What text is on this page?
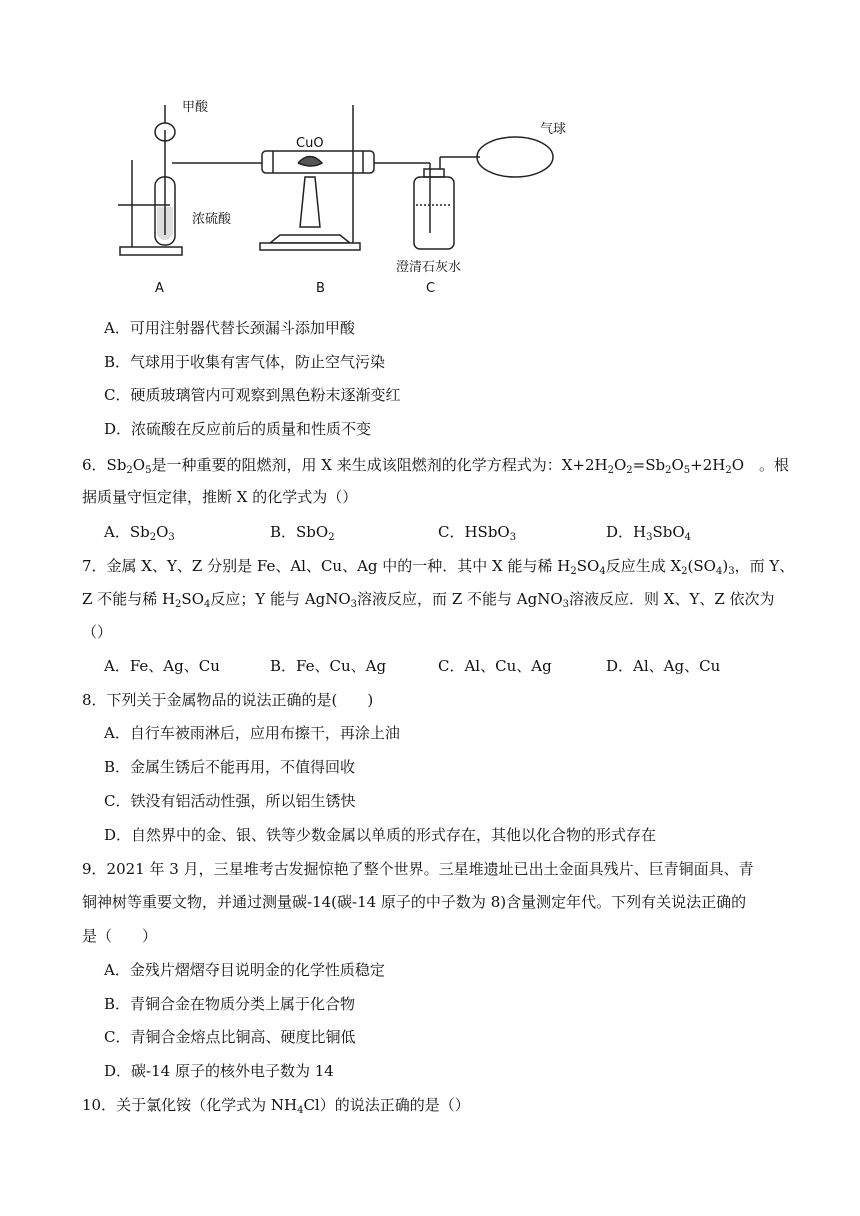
甲酸
浓硫酸
A
CuO
B
气球
澄清石灰水
C
A．可用注射器代替长颈漏斗添加甲酸
B．气球用于收集有害气体，防止空气污染
C．硬质玻璃管内可观察到黑色粉末逐渐变红
D．浓硫酸在反应前后的质量和性质不变
6．$Sb_2O_5$是一种重要的阻燃剂，用 X 来生成该阻燃剂的化学方程式为：$X+2H_2O_2=Sb_2O_5+2H_2O$　。根
据质量守恒定律，推断 X 的化学式为（）
A．$Sb_2O_3$	B．SbO$_2$	C．HSbO$_3$	D．$H_3SbO_4$
7．金属 X、Y、Z 分别是 Fe、Al、Cu、Ag 中的一种．其中 X 能与稀 $H_2SO_4$反应生成 $X_2(SO_4)_3$，而 Y、
Z 不能与稀 $H_2SO_4$反应；Y 能与 AgNO$_3$溶液反应，而 Z 不能与 AgNO$_3$溶液反应．则 X、Y、Z 依次为
（）
A．Fe、Ag、Cu	B．Fe、Cu、Ag	C．Al、Cu、Ag	D．Al、Ag、Cu
8．下列关于金属物品的说法正确的是(　　)
A．自行车被雨淋后，应用布擦干，再涂上油
B．金属生锈后不能再用，不值得回收
C．铁没有铝活动性强，所以铝生锈快
D．自然界中的金、银、铁等少数金属以单质的形式存在，其他以化合物的形式存在
9．2021 年 3 月，三星堆考古发掘惊艳了整个世界。三星堆遗址已出土金面具残片、巨青铜面具、青
铜神树等重要文物，并通过测量碳-14(碳-14 原子的中子数为 8)含量测定年代。下列有关说法正确的
是（　　）
A．金残片熠熠夺目说明金的化学性质稳定
B．青铜合金在物质分类上属于化合物
C．青铜合金熔点比铜高、硬度比铜低
D．碳-14 原子的核外电子数为 14
10．关于氯化铵（化学式为 $NH_4Cl$）的说法正确的是（）
